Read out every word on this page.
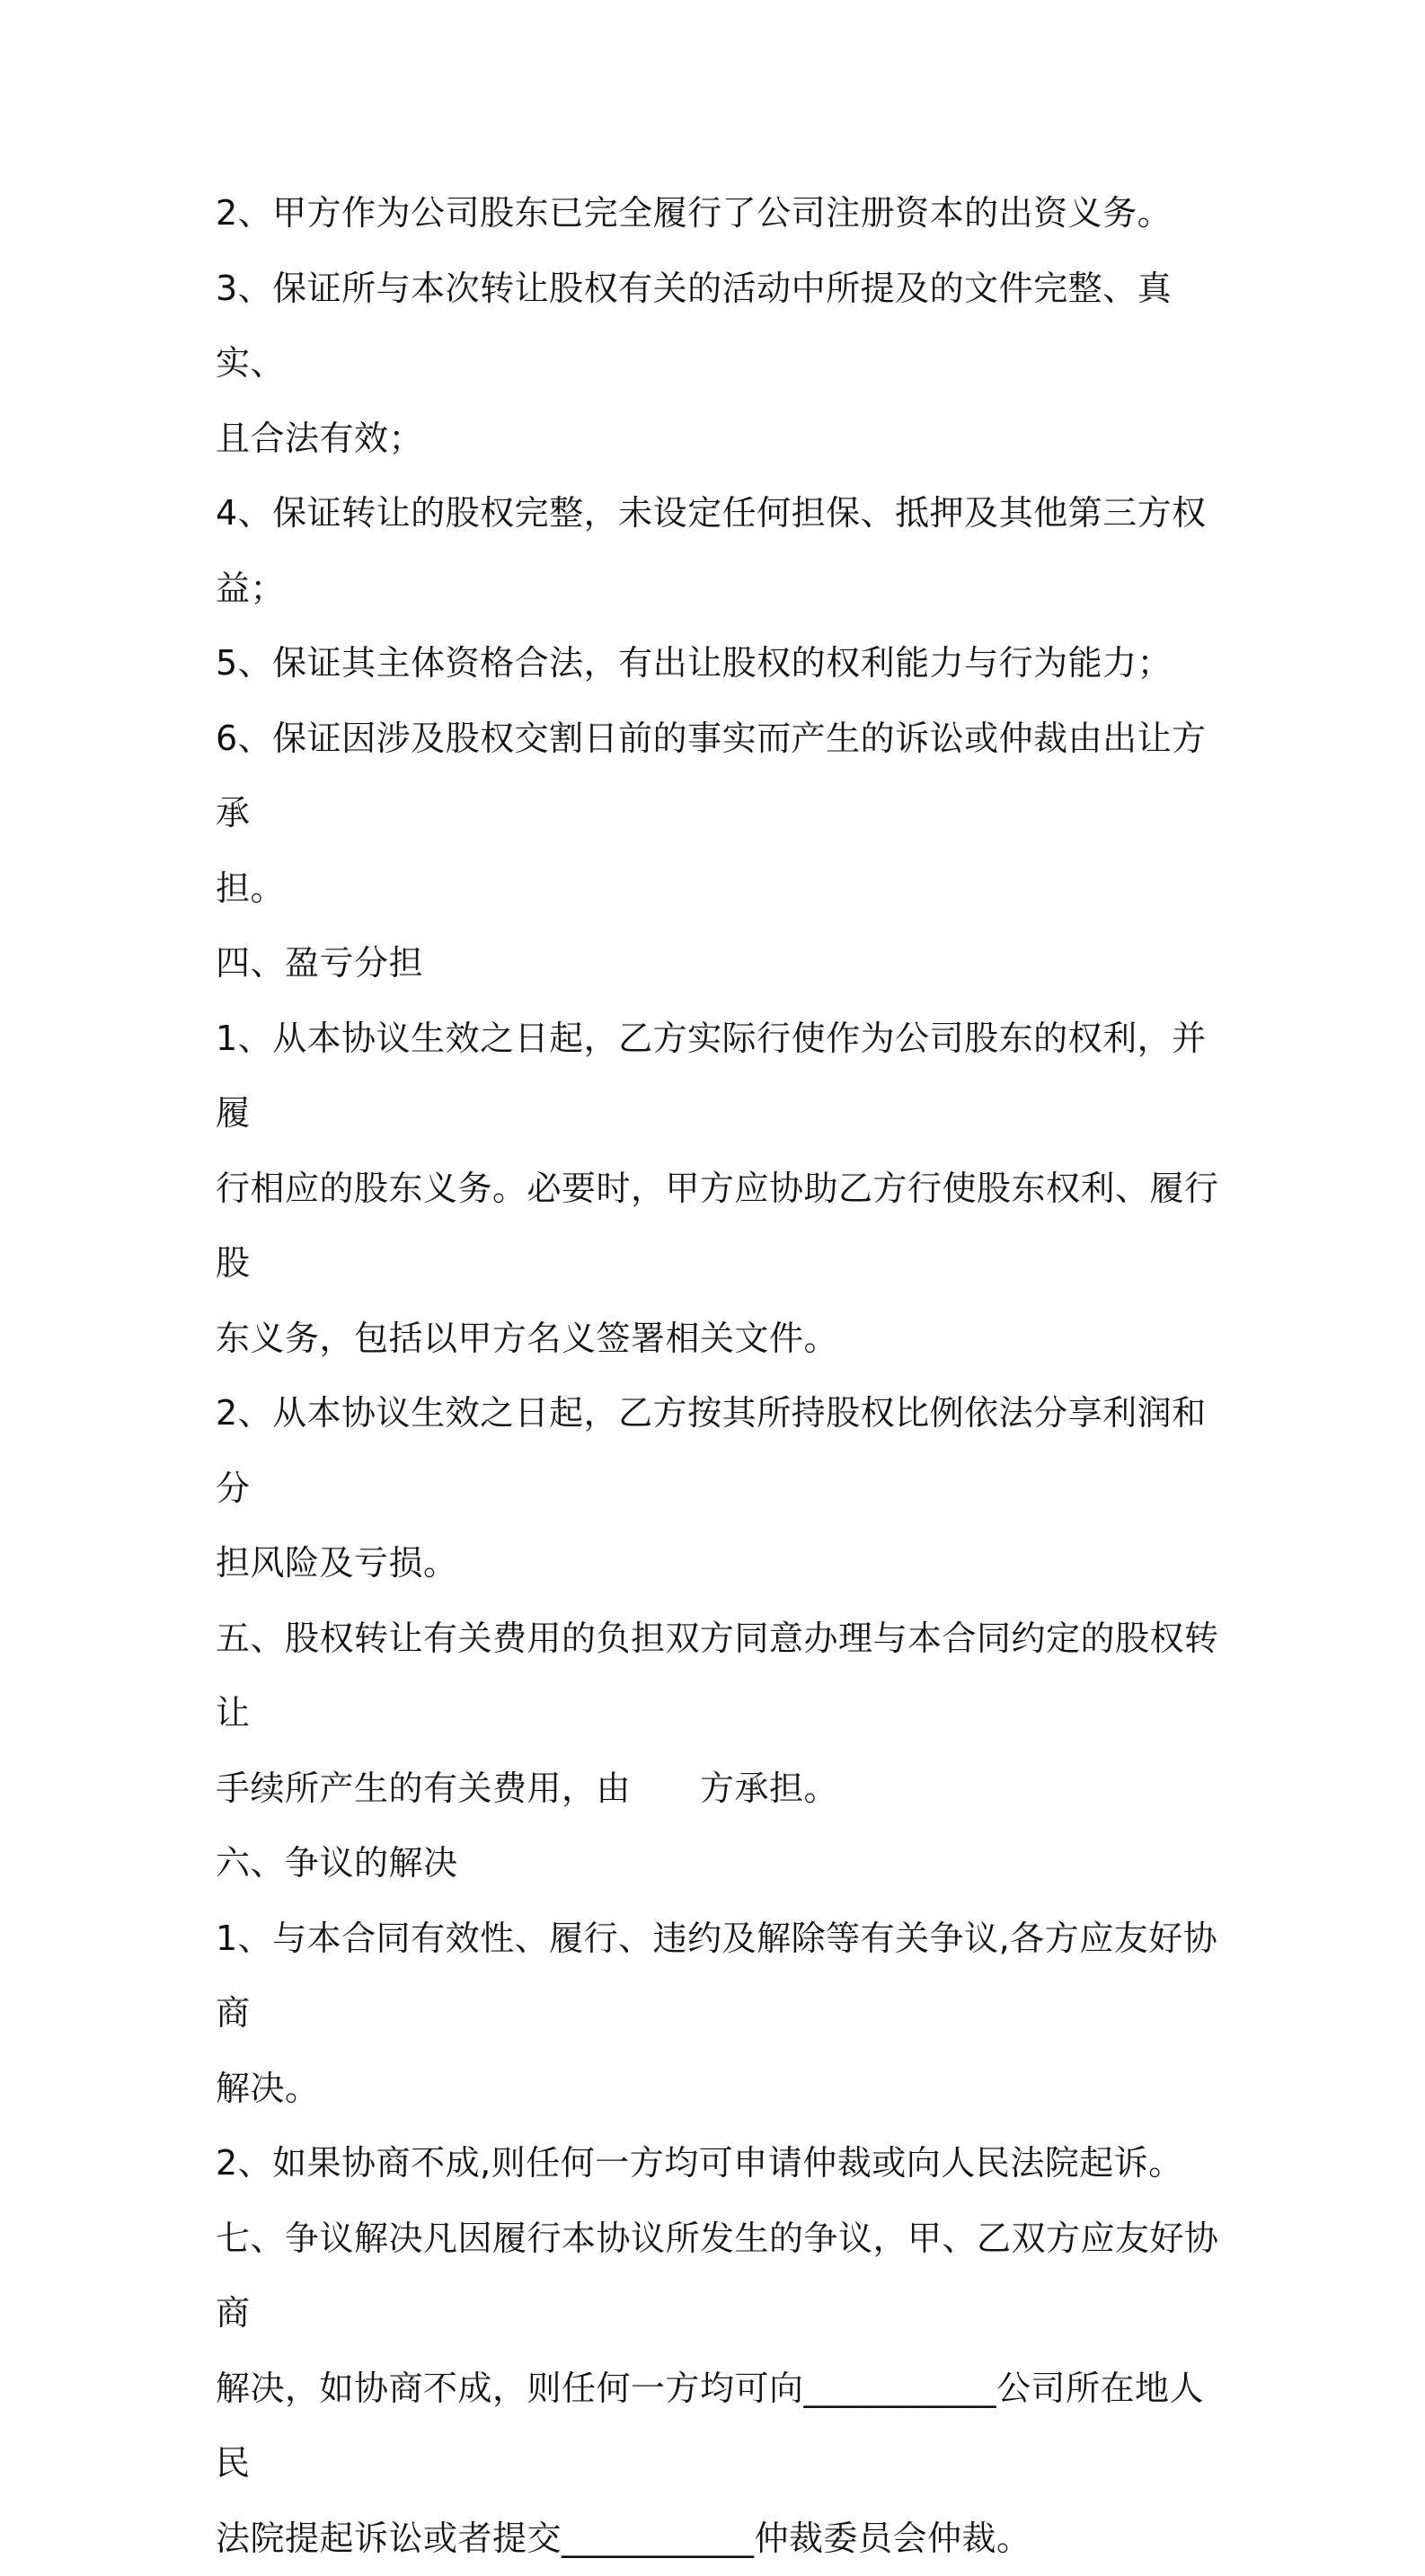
2、甲方作为公司股东已完全履行了公司注册资本的出资义务。

3、保证所与本次转让股权有关的活动中所提及的文件完整、真实、
且合法有效；

4、保证转让的股权完整，未设定任何担保、抵押及其他第三方权益；

5、保证其主体资格合法，有出让股权的权利能力与行为能力；

6、保证因涉及股权交割日前的事实而产生的诉讼或仲裁由出让方承
担。

四、盈亏分担

1、从本协议生效之日起，乙方实际行使作为公司股东的权利，并履
行相应的股东义务。必要时，甲方应协助乙方行使股东权利、履行股
东义务，包括以甲方名义签署相关文件。

2、从本协议生效之日起，乙方按其所持股权比例依法分享利润和分
担风险及亏损。

五、股权转让有关费用的负担双方同意办理与本合同约定的股权转让
手续所产生的有关费用，由　　方承担。

六、争议的解决

1、与本合同有效性、履行、违约及解除等有关争议,各方应友好协商
解决。

2、如果协商不成,则任何一方均可申请仲裁或向人民法院起诉。

七、争议解决凡因履行本协议所发生的争议，甲、乙双方应友好协商
解决，如协商不成，则任何一方均可向___________公司所在地人民
法院提起诉讼或者提交___________仲裁委员会仲裁。
